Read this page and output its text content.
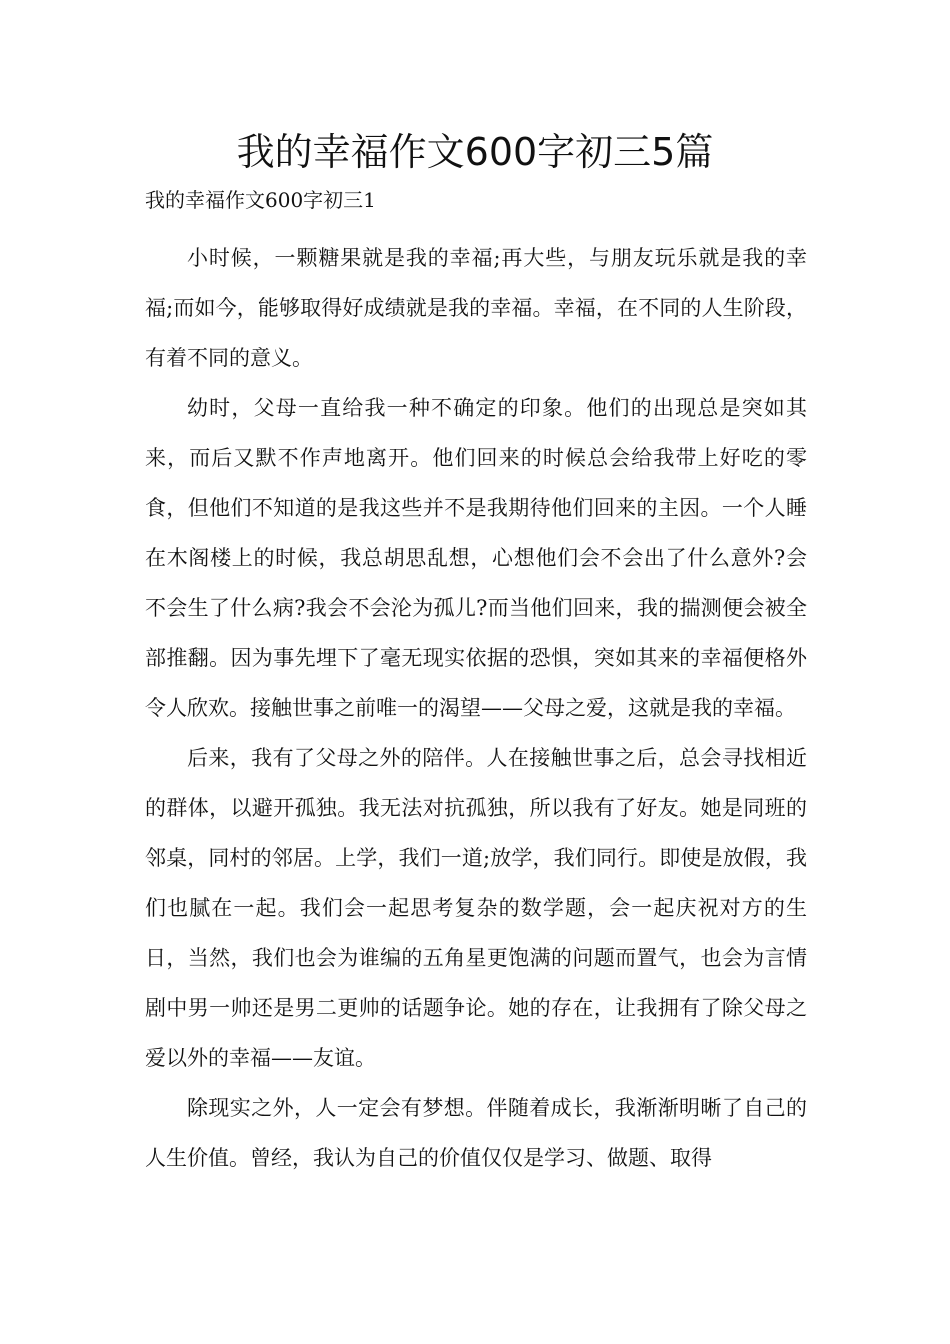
我的幸福作文600字初三5篇
我的幸福作文600字初三1

小时候，一颗糖果就是我的幸福;再大些，与朋友玩乐就是我的幸福;而如今，能够取得好成绩就是我的幸福。幸福，在不同的人生阶段，有着不同的意义。

幼时，父母一直给我一种不确定的印象。他们的出现总是突如其来，而后又默不作声地离开。他们回来的时候总会给我带上好吃的零食，但他们不知道的是我这些并不是我期待他们回来的主因。一个人睡在木阁楼上的时候，我总胡思乱想，心想他们会不会出了什么意外?会不会生了什么病?我会不会沦为孤儿?而当他们回来，我的揣测便会被全部推翻。因为事先埋下了毫无现实依据的恐惧，突如其来的幸福便格外令人欣欢。接触世事之前唯一的渴望——父母之爱，这就是我的幸福。

后来，我有了父母之外的陪伴。人在接触世事之后，总会寻找相近的群体，以避开孤独。我无法对抗孤独，所以我有了好友。她是同班的邻桌，同村的邻居。上学，我们一道;放学，我们同行。即使是放假，我们也腻在一起。我们会一起思考复杂的数学题，会一起庆祝对方的生日，当然，我们也会为谁编的五角星更饱满的问题而置气，也会为言情剧中男一帅还是男二更帅的话题争论。她的存在，让我拥有了除父母之爱以外的幸福——友谊。

除现实之外，人一定会有梦想。伴随着成长，我渐渐明晰了自己的人生价值。曾经，我认为自己的价值仅仅是学习、做题、取得
